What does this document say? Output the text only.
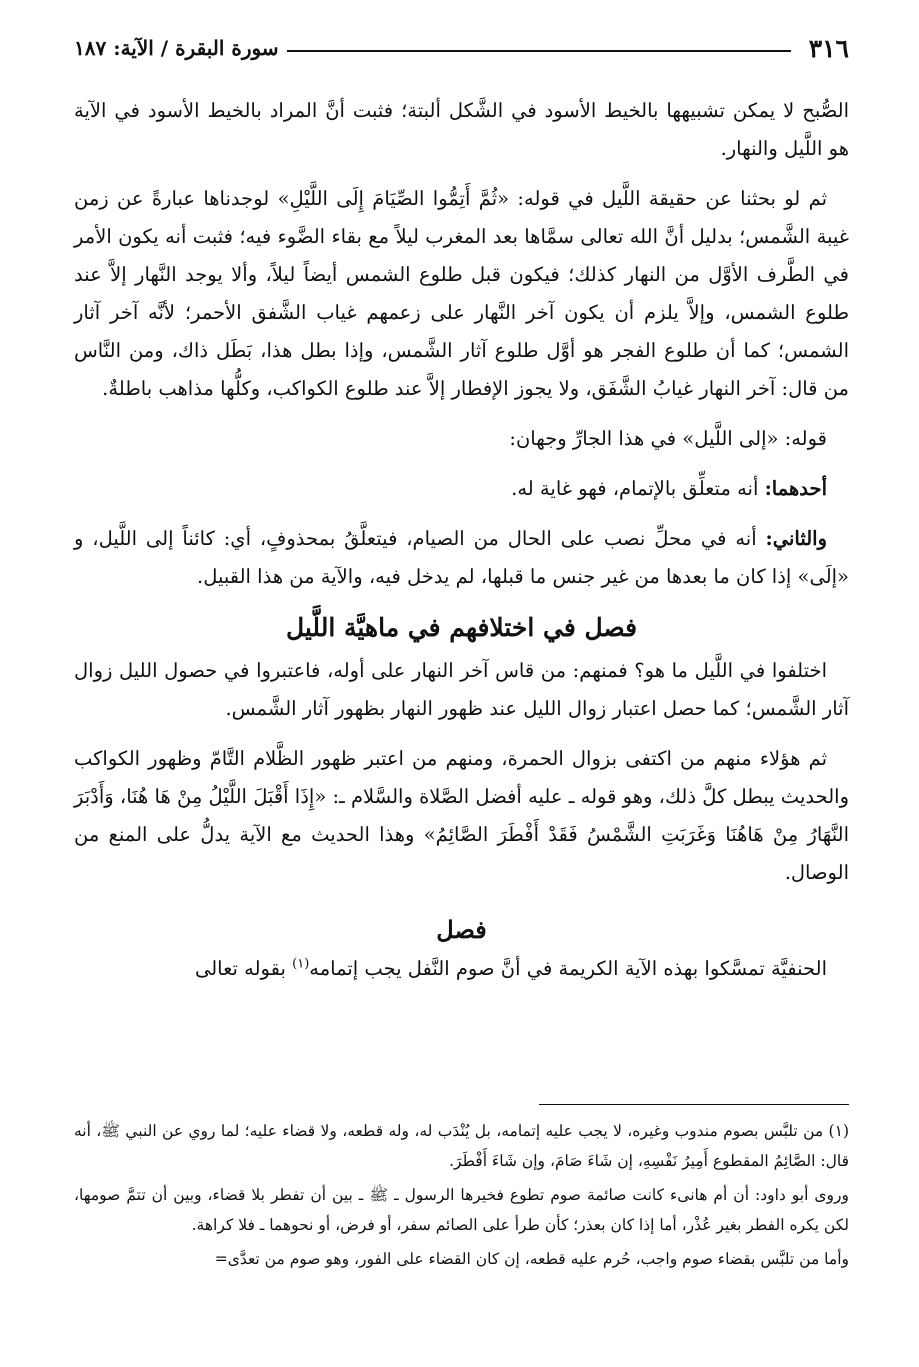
٣١٦
سورة البقرة / الآية: ١٨٧

الصُّبح لا يمكن تشبيهها بالخيط الأسود في الشَّكل ألبتة؛ فثبت أنَّ المراد بالخيط الأسود في الآية هو اللَّيل والنهار.

ثم لو بحثنا عن حقيقة اللَّيل في قوله: «ثُمَّ أَتِمُّوا الصِّيَامَ إِلَى اللَّيْلِ» لوجدناها عبارةً عن زمن غيبة الشَّمس؛ بدليل أنَّ الله تعالى سمَّاها بعد المغرب ليلاً مع بقاء الضَّوء فيه؛ فثبت أنه يكون الأمر في الطَّرف الأوَّل من النهار كذلك؛ فيكون قبل طلوع الشمس أيضاً ليلاً، وألا يوجد النَّهار إلاَّ عند طلوع الشمس، وإلاَّ يلزم أن يكون آخر النَّهار على زعمهم غياب الشَّفق الأحمر؛ لأنَّه آخر آثار الشمس؛ كما أن طلوع الفجر هو أوَّل طلوع آثار الشَّمس، وإذا بطل هذا، بَطَل ذاك، ومن النَّاس من قال: آخر النهار غيابُ الشَّفَق، ولا يجوز الإفطار إلاَّ عند طلوع الكواكب، وكلُّها مذاهب باطلةٌ.

قوله: «إلى اللَّيل» في هذا الجارِّ وجهان:

أحدهما: أنه متعلِّق بالإتمام، فهو غاية له.

والثاني: أنه في محلِّ نصب على الحال من الصيام، فيتعلَّقُ بمحذوفٍ، أي: كائناً إلى اللَّيل، و «إلَى» إذا كان ما بعدها من غير جنس ما قبلها، لم يدخل فيه، والآية من هذا القبيل.

فصل في اختلافهم في ماهيَّة اللَّيل

اختلفوا في اللَّيل ما هو؟ فمنهم: من قاس آخر النهار على أوله، فاعتبروا في حصول الليل زوال آثار الشَّمس؛ كما حصل اعتبار زوال الليل عند ظهور النهار بظهور آثار الشَّمس.

ثم هؤلاء منهم من اكتفى بزوال الحمرة، ومنهم من اعتبر ظهور الظَّلام التَّامّ وظهور الكواكب والحديث يبطل كلَّ ذلك، وهو قوله ـ عليه أفضل الصَّلاة والسَّلام ـ: «إِذَا أَقْبَلَ اللَّيْلُ مِنْ هَا هُنَا، وَأَدْبَرَ النَّهَارُ مِنْ هَاهُنَا وَغَرَبَتِ الشَّمْسُ فَقَدْ أَفْطَرَ الصَّائِمُ» وهذا الحديث مع الآية يدلُّ على المنع من الوصال.

فصل

الحنفيَّة تمسَّكوا بهذه الآية الكريمة في أنَّ صوم النَّفل يجب إتمامه$^{(١)}$ بقوله تعالى

(١) من تلبَّس بصوم مندوب وغيره، لا يجب عليه إتمامه، بل يُنْدَب له، وله قطعه، ولا قضاء عليه؛ لما روي عن النبي ﷺ، أنه قال: الصَّائِمُ المقطوع أَمِيرُ نَفْسِهِ، إن شَاءَ صَامَ، وإن شَاءَ أَفْطَرَ.

وروى أبو داود: أن أم هانىء كانت صائمة صوم تطوع فخيرها الرسول ـ ﷺ ـ بين أن تفطر بلا قضاء، وبين أن تتمَّ صومها، لكن يكره الفطر بغير عُذْر، أما إذا كان بعذر؛ كأن طرأ على الصائم سفر، أو فرض، أو نحوهما ـ فلا كراهة.

وأما من تلبَّس بقضاء صوم واجب، حُرم عليه قطعه، إن كان القضاء على الفور، وهو صوم من تعدَّى=
